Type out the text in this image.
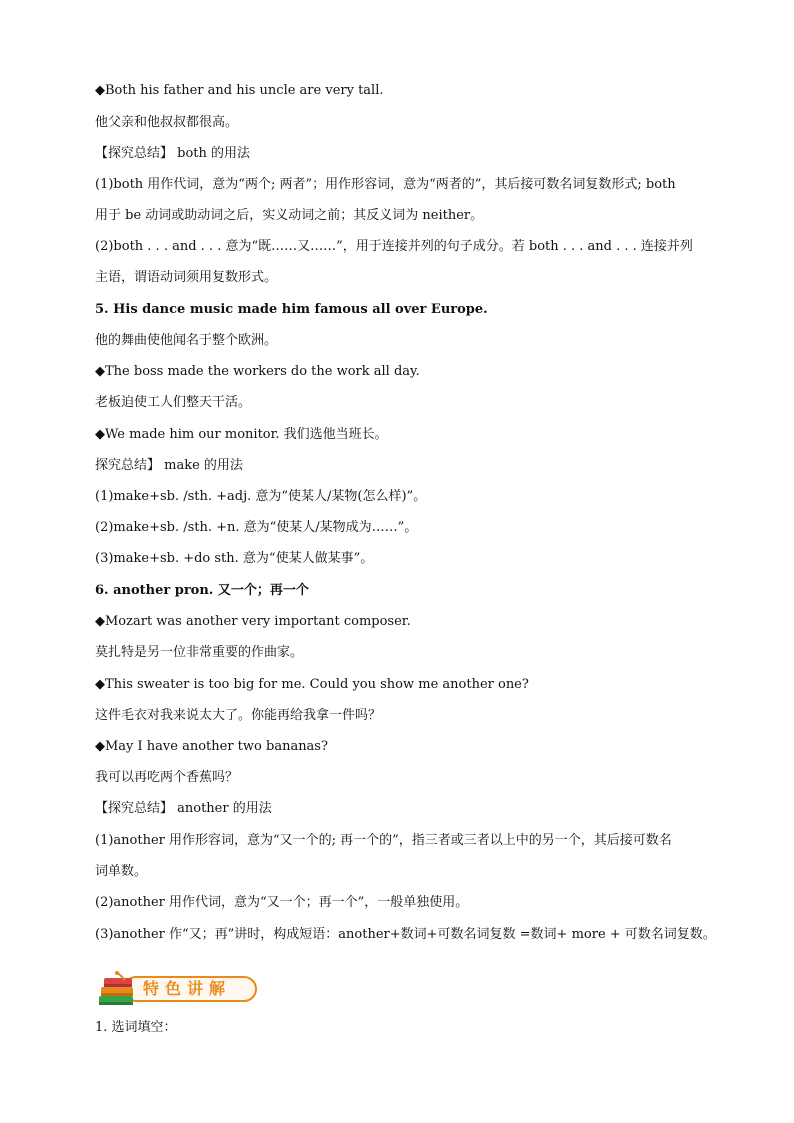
◆Both his father and his uncle are very tall.
他父亲和他叔叔都很高。
【探究总结】 both 的用法
(1)both 用作代词，意为“两个; 两者”；用作形容词，意为“两者的”，其后接可数名词复数形式; both
用于 be 动词或助动词之后，实义动词之前；其反义词为 neither。
(2)both . . . and . . . 意为“既……又……”，用于连接并列的句子成分。若 both . . . and . . . 连接并列
主语，谓语动词须用复数形式。
5. His dance music made him famous all over Europe.
他的舞曲使他闻名于整个欧洲。
◆The boss made the workers do the work all day.
老板迫使工人们整天干活。
◆We made him our monitor. 我们选他当班长。
探究总结】 make 的用法
(1)make+sb. /sth. +adj. 意为“使某人/某物(怎么样)”。
(2)make+sb. /sth. +n. 意为“使某人/某物成为……”。
(3)make+sb. +do sth. 意为“使某人做某事”。
6. another pron. 又一个；再一个
◆Mozart was another very important composer.
莫扎特是另一位非常重要的作曲家。
◆This sweater is too big for me. Could you show me another one?
这件毛衣对我来说太大了。你能再给我拿一件吗？
◆May I have another two bananas?
我可以再吃两个香蕉吗？
【探究总结】 another 的用法
(1)another 用作形容词，意为“又一个的; 再一个的”，指三者或三者以上中的另一个，其后接可数名
词单数。
(2)another 用作代词，意为“又一个；再一个”，一般单独使用。
(3)another 作“又；再”讲时，构成短语：another+数词+可数名词复数 =数词+ more + 可数名词复数。
特色讲解
1. 选词填空：
